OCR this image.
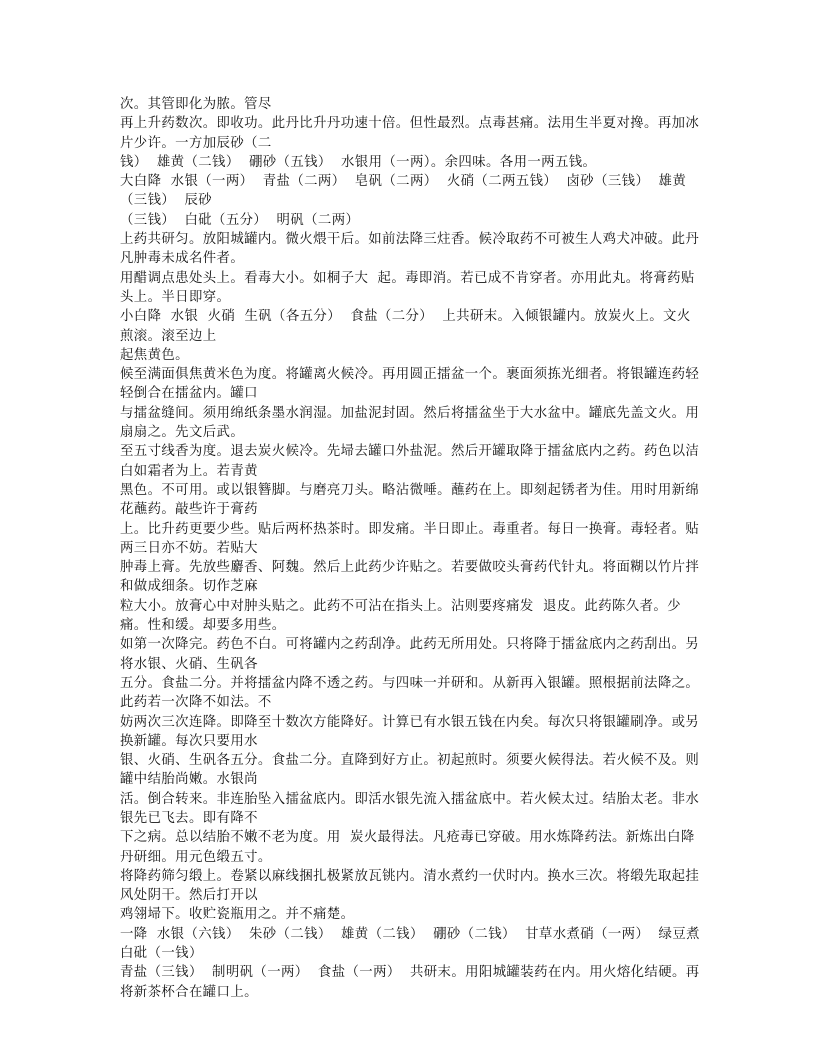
次。其管即化为脓。管尽

再上升药数次。即收功。此丹比升丹功速十倍。但性最烈。点毒甚痛。法用生半夏对搀。再加冰片少许。一方加辰砂（二

钱）  雄黄（二钱）  硼砂（五钱）  水银用（一两）。余四味。各用一两五钱。

大白降  水银（一两）  青盐（二两）  皂矾（二两）  火硝（二两五钱）  卤砂（三钱）  雄黄（三钱）  辰砂

（三钱）  白砒（五分）  明矾（二两）

上药共研匀。放阳城罐内。微火煨干后。如前法降三炷香。候冷取药不可被生人鸡犬冲破。此丹凡肿毒未成名件者。

用醋调点患处头上。看毒大小。如桐子大  起。毒即消。若已成不肯穿者。亦用此丸。将膏药贴头上。半日即穿。

小白降  水银  火硝  生矾（各五分）  食盐（二分）  上共研末。入倾银罐内。放炭火上。文火煎滚。滚至边上

起焦黄色。

候至满面俱焦黄米色为度。将罐离火候冷。再用圆正擂盆一个。裹面须拣光细者。将银罐连药轻轻倒合在擂盆内。罐口

与擂盆缝间。须用绵纸条墨水润湿。加盐泥封固。然后将擂盆坐于大水盆中。罐底先盖文火。用扇扇之。先文后武。

至五寸线香为度。退去炭火候冷。先埽去罐口外盐泥。然后开罐取降于擂盆底内之药。药色以洁白如霜者为上。若青黄

黑色。不可用。或以银簪脚。与磨亮刀头。略沾微唾。蘸药在上。即刻起锈者为佳。用时用新绵花蘸药。敲些许于膏药

上。比升药更要少些。贴后两杯热茶时。即发痛。半日即止。毒重者。每日一换膏。毒轻者。贴两三日亦不妨。若贴大

肿毒上膏。先放些麝香、阿魏。然后上此药少许贴之。若要做咬头膏药代针丸。将面糊以竹片拌和做成细条。切作芝麻

粒大小。放膏心中对肿头贴之。此药不可沾在指头上。沾则要疼痛发  退皮。此药陈久者。少痛。性和缓。却要多用些。

如第一次降完。药色不白。可将罐内之药刮净。此药无所用处。只将降于擂盆底内之药刮出。另将水银、火硝、生矾各

五分。食盐二分。并将擂盆内降不透之药。与四味一并研和。从新再入银罐。照根据前法降之。此药若一次降不如法。不

妨两次三次连降。即降至十数次方能降好。计算已有水银五钱在内矣。每次只将银罐刷净。或另换新罐。每次只要用水

银、火硝、生矾各五分。食盐二分。直降到好方止。初起煎时。须要火候得法。若火候不及。则罐中结胎尚嫩。水银尚

活。倒合转来。非连胎坠入擂盆底内。即活水银先流入擂盆底中。若火候太过。结胎太老。非水银先已飞去。即有降不

下之病。总以结胎不嫩不老为度。用  炭火最得法。凡疮毒已穿破。用水炼降药法。新炼出白降丹研细。用元色缎五寸。

将降药筛匀缎上。卷紧以麻线捆扎极紧放瓦铫内。清水煮约一伏时内。换水三次。将缎先取起挂风处阴干。然后打开以

鸡翎埽下。收贮瓷瓶用之。并不痛楚。

一降  水银（六钱）  朱砂（二钱）  雄黄（二钱）  硼砂（二钱）  甘草水煮硝（一两）  绿豆煮白砒（一钱）

青盐（三钱）  制明矾（一两）  食盐（一两）  共研末。用阳城罐装药在内。用火熔化结硬。再将新茶杯合在罐口上。
